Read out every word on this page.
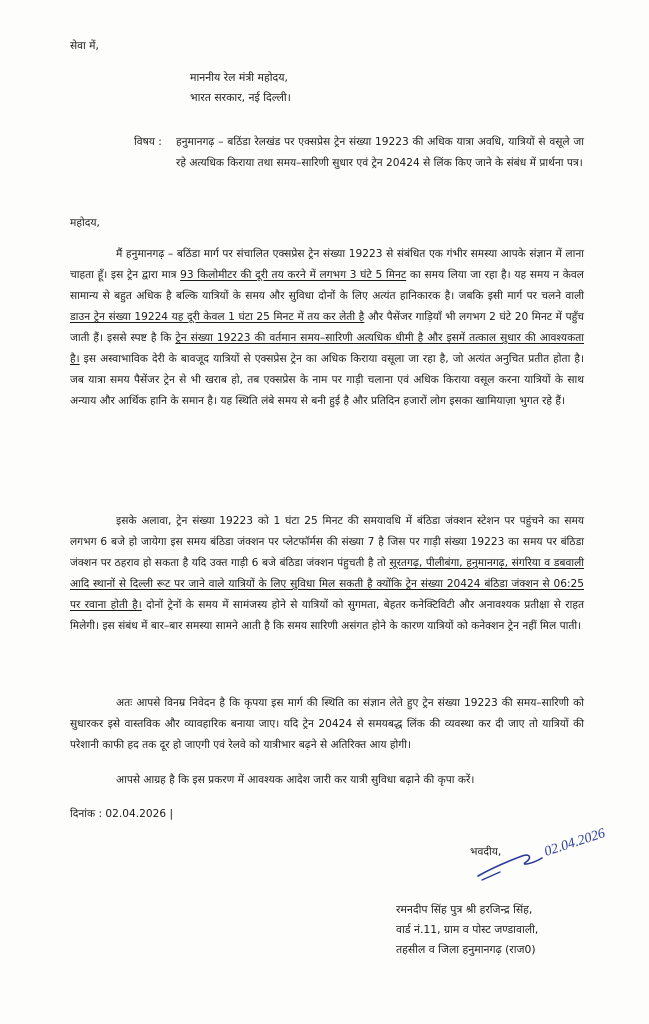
सेवा में,
माननीय रेल मंत्री महोदय,
भारत सरकार, नई दिल्ली।
विषय : हनुमानगढ़ – बठिंडा रेलखंड पर एक्सप्रेस ट्रेन संख्या 19223 की अधिक यात्रा अवधि, यात्रियों से वसूले जा रहे अत्यधिक किराया तथा समय–सारिणी सुधार एवं ट्रेन 20424 से लिंक किए जाने के संबंध में प्रार्थना पत्र।
महोदय,
मैं हनुमानगढ़ – बठिंडा मार्ग पर संचालित एक्सप्रेस ट्रेन संख्या 19223 से संबंधित एक गंभीर समस्या आपके संज्ञान में लाना चाहता हूँ। इस ट्रेन द्वारा मात्र 93 किलोमीटर की दूरी तय करने में लगभग 3 घंटे 5 मिनट का समय लिया जा रहा है। यह समय न केवल सामान्य से बहुत अधिक है बल्कि यात्रियों के समय और सुविधा दोनों के लिए अत्यंत हानिकारक है। जबकि इसी मार्ग पर चलने वाली डाउन ट्रेन संख्या 19224 यह दूरी केवल 1 घंटा 25 मिनट में तय कर लेती है और पैसेंजर गाड़ियाँ भी लगभग 2 घंटे 20 मिनट में पहुँच जाती हैं। इससे स्पष्ट है कि ट्रेन संख्या 19223 की वर्तमान समय–सारिणी अत्यधिक धीमी है और इसमें तत्काल सुधार की आवश्यकता है। इस अस्वाभाविक देरी के बावजूद यात्रियों से एक्सप्रेस ट्रेन का अधिक किराया वसूला जा रहा है, जो अत्यंत अनुचित प्रतीत होता है। जब यात्रा समय पैसेंजर ट्रेन से भी खराब हो, तब एक्सप्रेस के नाम पर गाड़ी चलाना एवं अधिक किराया वसूल करना यात्रियों के साथ अन्याय और आर्थिक हानि के समान है। यह स्थिति लंबे समय से बनी हुई है और प्रतिदिन हजारों लोग इसका खामियाज़ा भुगत रहे हैं।
इसके अलावा, ट्रेन संख्या 19223 को 1 घंटा 25 मिनट की समयावधि में बंठिडा जंक्शन स्टेशन पर पहुंचने का समय लगभग 6 बजे हो जायेगा इस समय बंठिडा जंक्शन पर प्लेटफॉर्मस की संख्या 7 है जिस पर गाड़ी संख्या 19223 का समय पर बंठिडा जंक्शन पर ठहराव हो सकता है यदि उक्त गाड़ी 6 बजे बंठिडा जंक्शन पंहुचती है तो सूरतगढ़, पीलीबंगा, हनुमानगढ़, संगरिया व डबवाली आदि स्थानों से दिल्ली रूट पर जाने वाले यात्रियों के लिए सुविधा मिल सकती है क्योंकि ट्रेन संख्या 20424 बंठिडा जंक्शन से 06:25 पर रवाना होती है। दोनों ट्रेनों के समय में सामंजस्य होने से यात्रियों को सुगमता, बेहतर कनेक्टिविटी और अनावश्यक प्रतीक्षा से राहत मिलेगी। इस संबंध में बार–बार समस्या सामने आती है कि समय सारिणी असंगत होने के कारण यात्रियों को कनेक्शन ट्रेन नहीं मिल पाती।
अतः आपसे विनम्र निवेदन है कि कृपया इस मार्ग की स्थिति का संज्ञान लेते हुए ट्रेन संख्या 19223 की समय–सारिणी को सुधारकर इसे वास्तविक और व्यावहारिक बनाया जाए। यदि ट्रेन 20424 से समयबद्ध लिंक की व्यवस्था कर दी जाए तो यात्रियों की परेशानी काफी हद तक दूर हो जाएगी एवं रेलवे को यात्रीभार बढ़ने से अतिरिक्त आय होगी।
आपसे आग्रह है कि इस प्रकरण में आवश्यक आदेश जारी कर यात्री सुविधा बढ़ाने की कृपा करें।
दिनांक : 02.04.2026 |
भवदीय,	02.04.2026
रमनदीप सिंह पुत्र श्री हरजिन्द्र सिंह,
वार्ड नं.11, ग्राम व पोस्ट जण्डावाली,
तहसील व जिला हनुमानगढ़ (राज0)
